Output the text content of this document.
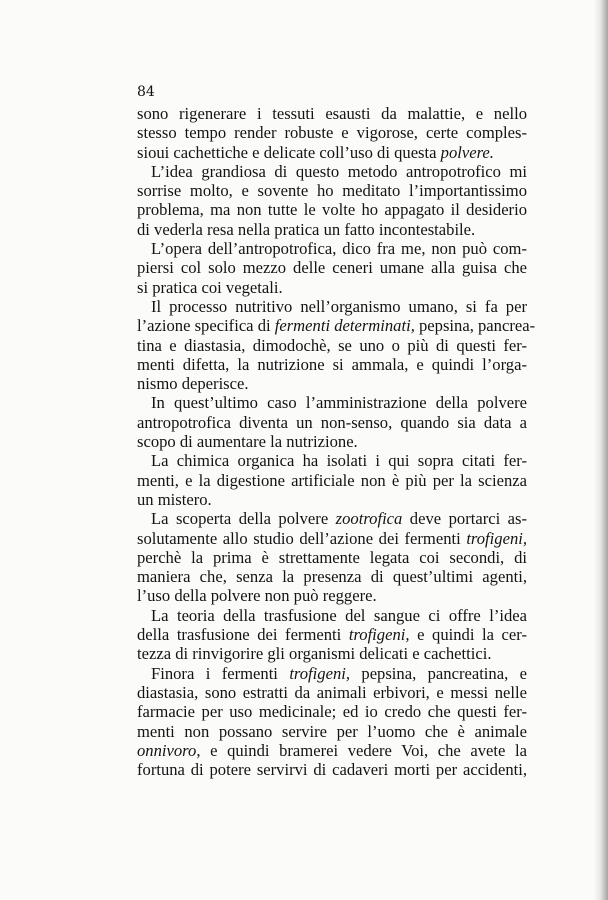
84
sono rigenerare i tessuti esausti da malattie, e nello
stesso tempo render robuste e vigorose, certe comples-
sioui cachettiche e delicate coll’uso di questa polvere.
L’idea grandiosa di questo metodo antropotrofico mi
sorrise molto, e sovente ho meditato l’importantissimo
problema, ma non tutte le volte ho appagato il desiderio
di vederla resa nella pratica un fatto incontestabile.
L’opera dell’antropotrofica, dico fra me, non può com-
piersi col solo mezzo delle ceneri umane alla guisa che
si pratica coi vegetali.
Il processo nutritivo nell’organismo umano, si fa per
l’azione specifica di fermenti determinati, pepsina, pancrea-
tina e diastasia, dimodochè, se uno o più di questi fer-
menti difetta, la nutrizione si ammala, e quindi l’orga-
nismo deperisce.
In quest’ultimo caso l’amministrazione della polvere
antropotrofica diventa un non-senso, quando sia data a
scopo di aumentare la nutrizione.
La chimica organica ha isolati i qui sopra citati fer-
menti, e la digestione artificiale non è più per la scienza
un mistero.
La scoperta della polvere zootrofica deve portarci as-
solutamente allo studio dell’azione dei fermenti trofigeni,
perchè la prima è strettamente legata coi secondi, di
maniera che, senza la presenza di quest’ultimi agenti,
l’uso della polvere non può reggere.
La teoria della trasfusione del sangue ci offre l’idea
della trasfusione dei fermenti trofigeni, e quindi la cer-
tezza di rinvigorire gli organismi delicati e cachettici.
Finora i fermenti trofigeni, pepsina, pancreatina, e
diastasia, sono estratti da animali erbivori, e messi nelle
farmacie per uso medicinale; ed io credo che questi fer-
menti non possano servire per l’uomo che è animale
onnivoro, e quindi bramerei vedere Voi, che avete la
fortuna di potere servirvi di cadaveri morti per accidenti,
